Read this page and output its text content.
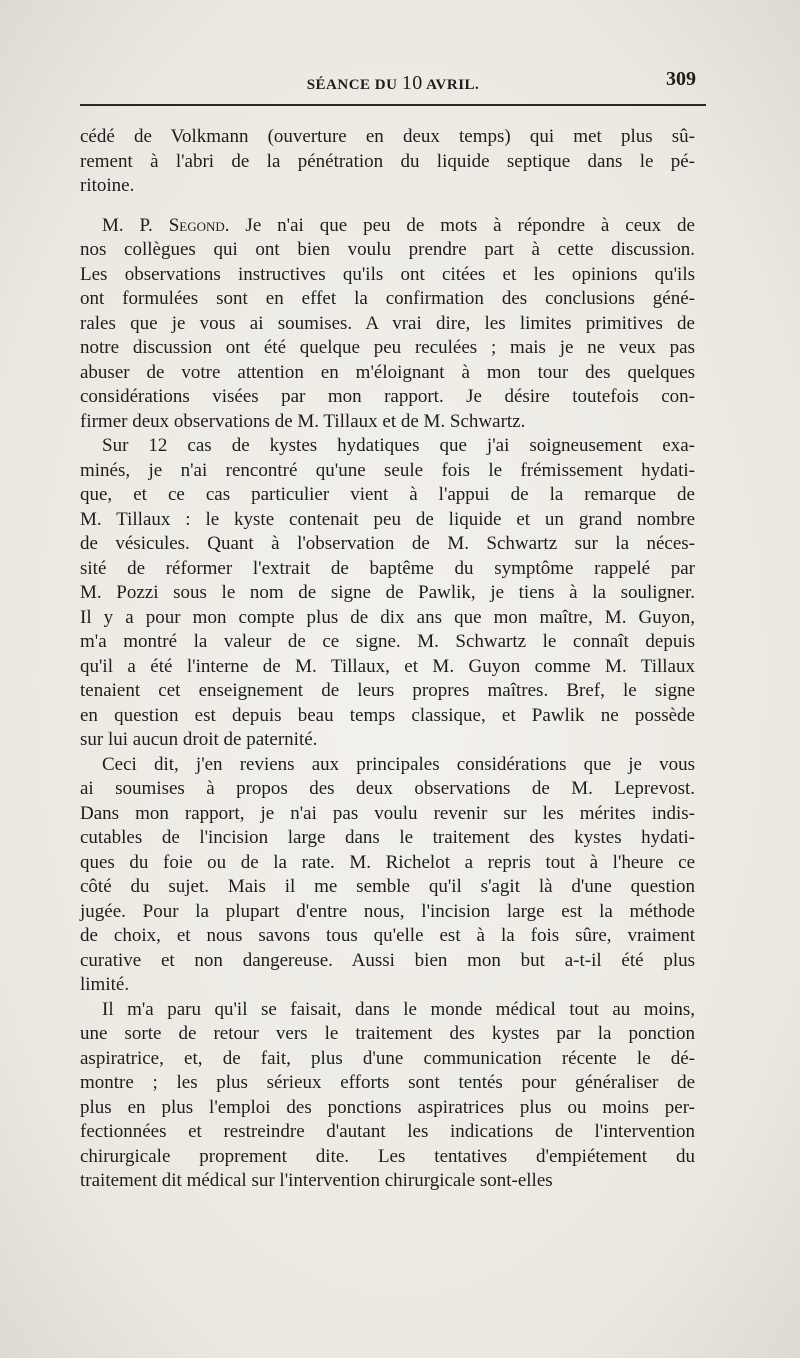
SÉANCE DU 10 AVRIL.	309
cédé de Volkmann (ouverture en deux temps) qui met plus sû-
rement à l'abri de la pénétration du liquide septique dans le pé-
ritoine.
M. P. Segond. Je n'ai que peu de mots à répondre à ceux de
nos collègues qui ont bien voulu prendre part à cette discussion.
Les observations instructives qu'ils ont citées et les opinions qu'ils
ont formulées sont en effet la confirmation des conclusions géné-
rales que je vous ai soumises. A vrai dire, les limites primitives de
notre discussion ont été quelque peu reculées ; mais je ne veux pas
abuser de votre attention en m'éloignant à mon tour des quelques
considérations visées par mon rapport. Je désire toutefois con-
firmer deux observations de M. Tillaux et de M. Schwartz.
Sur 12 cas de kystes hydatiques que j'ai soigneusement exa-
minés, je n'ai rencontré qu'une seule fois le frémissement hydati-
que, et ce cas particulier vient à l'appui de la remarque de
M. Tillaux : le kyste contenait peu de liquide et un grand nombre
de vésicules. Quant à l'observation de M. Schwartz sur la néces-
sité de réformer l'extrait de baptême du symptôme rappelé par
M. Pozzi sous le nom de signe de Pawlik, je tiens à la souligner.
Il y a pour mon compte plus de dix ans que mon maître, M. Guyon,
m'a montré la valeur de ce signe. M. Schwartz le connaît depuis
qu'il a été l'interne de M. Tillaux, et M. Guyon comme M. Tillaux
tenaient cet enseignement de leurs propres maîtres. Bref, le signe
en question est depuis beau temps classique, et Pawlik ne possède
sur lui aucun droit de paternité.
Ceci dit, j'en reviens aux principales considérations que je vous
ai soumises à propos des deux observations de M. Leprevost.
Dans mon rapport, je n'ai pas voulu revenir sur les mérites indis-
cutables de l'incision large dans le traitement des kystes hydati-
ques du foie ou de la rate. M. Richelot a repris tout à l'heure ce
côté du sujet. Mais il me semble qu'il s'agit là d'une question
jugée. Pour la plupart d'entre nous, l'incision large est la méthode
de choix, et nous savons tous qu'elle est à la fois sûre, vraiment
curative et non dangereuse. Aussi bien mon but a-t-il été plus
limité.
Il m'a paru qu'il se faisait, dans le monde médical tout au moins,
une sorte de retour vers le traitement des kystes par la ponction
aspiratrice, et, de fait, plus d'une communication récente le dé-
montre ; les plus sérieux efforts sont tentés pour généraliser de
plus en plus l'emploi des ponctions aspiratrices plus ou moins per-
fectionnées et restreindre d'autant les indications de l'intervention
chirurgicale proprement dite. Les tentatives d'empiétement du
traitement dit médical sur l'intervention chirurgicale sont-elles
